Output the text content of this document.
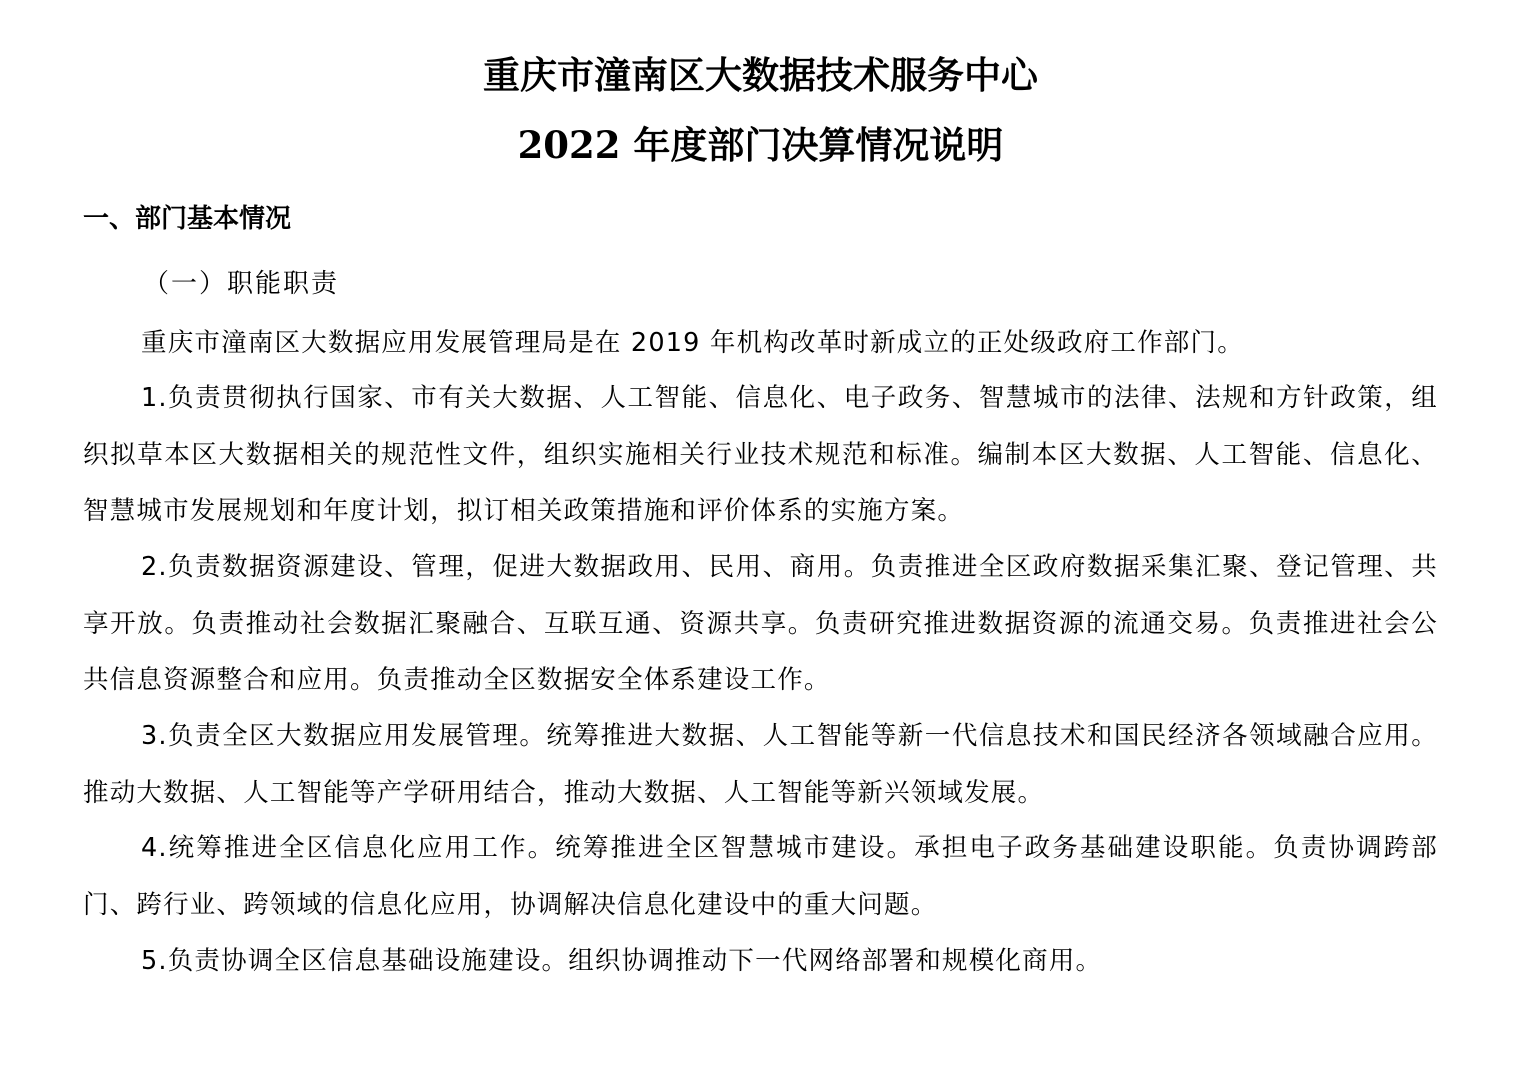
重庆市潼南区大数据技术服务中心
2022 年度部门决算情况说明
一、部门基本情况
（一）职能职责

重庆市潼南区大数据应用发展管理局是在 2019 年机构改革时新成立的正处级政府工作部门。

1.负责贯彻执行国家、市有关大数据、人工智能、信息化、电子政务、智慧城市的法律、法规和方针政策，组织拟草本区大数据相关的规范性文件，组织实施相关行业技术规范和标准。编制本区大数据、人工智能、信息化、智慧城市发展规划和年度计划，拟订相关政策措施和评价体系的实施方案。

2.负责数据资源建设、管理，促进大数据政用、民用、商用。负责推进全区政府数据采集汇聚、登记管理、共享开放。负责推动社会数据汇聚融合、互联互通、资源共享。负责研究推进数据资源的流通交易。负责推进社会公共信息资源整合和应用。负责推动全区数据安全体系建设工作。

3.负责全区大数据应用发展管理。统筹推进大数据、人工智能等新一代信息技术和国民经济各领域融合应用。推动大数据、人工智能等产学研用结合，推动大数据、人工智能等新兴领域发展。

4.统筹推进全区信息化应用工作。统筹推进全区智慧城市建设。承担电子政务基础建设职能。负责协调跨部门、跨行业、跨领域的信息化应用，协调解决信息化建设中的重大问题。

5.负责协调全区信息基础设施建设。组织协调推动下一代网络部署和规模化商用。
